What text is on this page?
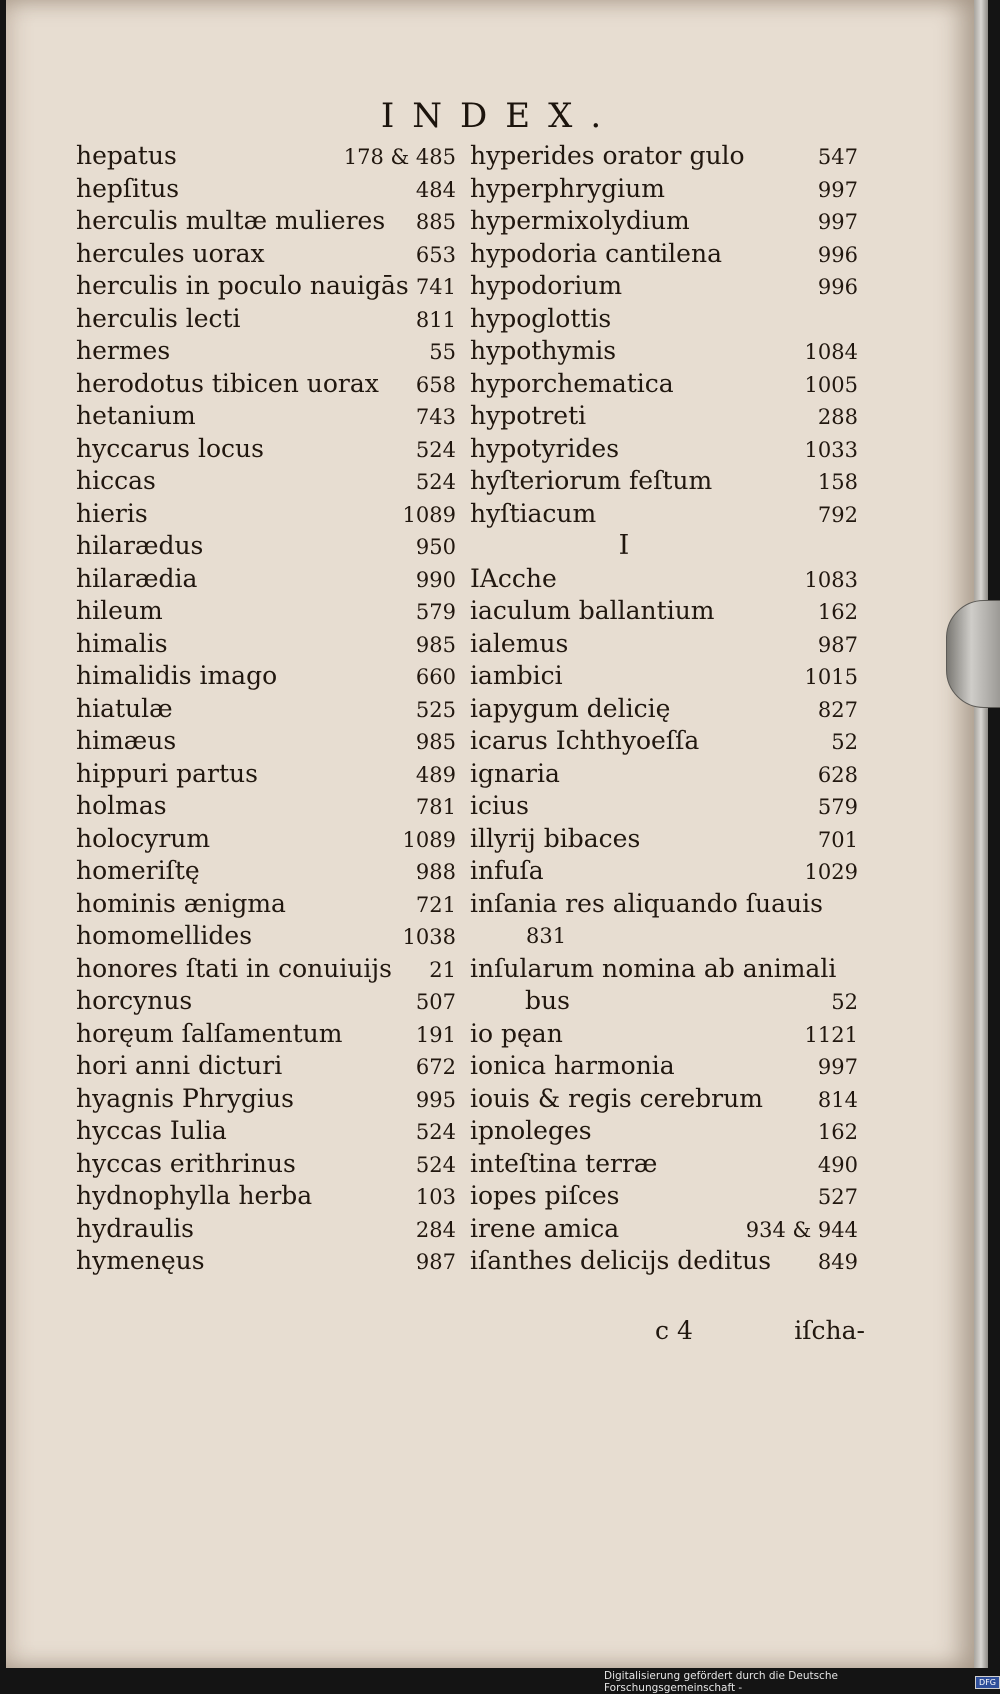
INDEX.
hepatus	178 & 485
hepſitus	484
herculis multæ mulieres 885
hercules uorax	653
herculis in poculo nauigās 741
herculis lecti	811
hermes	55
herodotus tibicen uorax 658
hetanium	743
hyccarus locus	524
hiccas	524
hieris	1089
hilarædus	950
hilarædia	990
hileum	579
himalis	985
himalidis imago	660
hiatulæ	525
himæus	985
hippuri partus	489
holmas	781
holocyrum	1089
homeriſtę	988
hominis ænigma	721
homomellides	1038
honores ſtati in conuiuijs 21
horcynus	507
horęum ſalſamentum	191
hori anni dicturi	672
hyagnis Phrygius	995
hyccas Iulia	524
hyccas erithrinus	524
hydnophylla herba	103
hydraulis	284
hymenęus	987
hyperides orator gulo	547
hyperphrygium	997
hypermixolydium	997
hypodoria cantilena	996
hypodorium	996
hypoglottis
hypothymis	1084
hyporchematica	1005
hypotreti	288
hypotyrides	1033
hyſteriorum feſtum	158
hyſtiacum	792
I
IAcche	1083
iaculum ballantium	162
ialemus	987
iambici	1015
iapygum delicię	827
icarus Ichthyoeſſa	52
ignaria	628
icius	579
illyrij bibaces	701
infuſa	1029
inſania res aliquando ſuauis
831
inſularum nomina ab animali
bus	52
io pęan	1121
ionica harmonia	997
iouis & regis cerebrum	814
ipnoleges	162
inteſtina terræ	490
iopes piſces	527
irene amica	934 & 944
iſanthes delicijs deditus 849
c 4	iſcha-
Digitalisierung gefördert durch die Deutsche Forschungsgemeinschaft -	DFG
